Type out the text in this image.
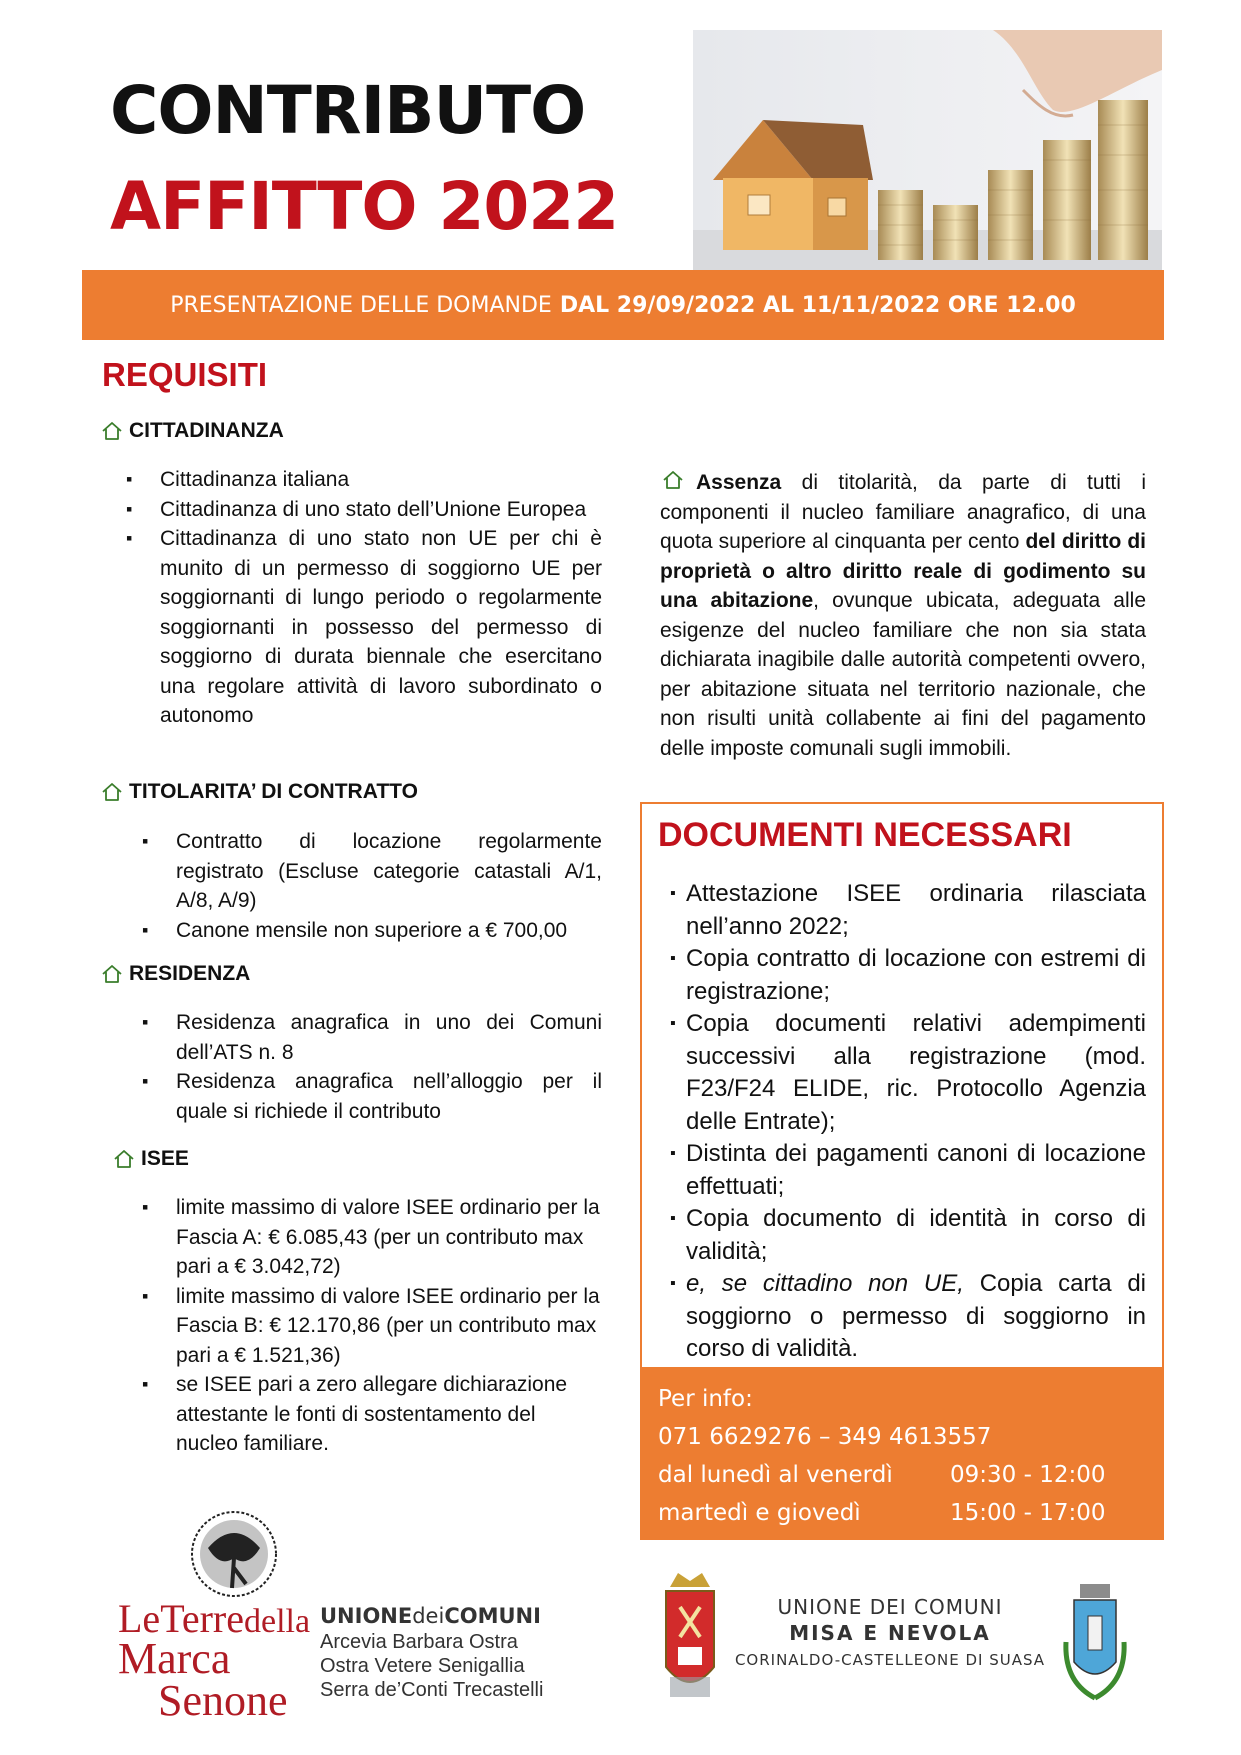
CONTRIBUTO
AFFITTO 2022
PRESENTAZIONE DELLE DOMANDE DAL 29/09/2022 AL 11/11/2022 ORE 12.00
REQUISITI
CITTADINANZA
▪ Cittadinanza italiana
▪ Cittadinanza di uno stato dell’Unione Europea
▪ Cittadinanza di uno stato non UE per chi è munito di un permesso di soggiorno UE per soggiornanti di lungo periodo o regolarmente soggiornanti in possesso del permesso di soggiorno di durata biennale che esercitano una regolare attività di lavoro subordinato o autonomo
TITOLARITA’ DI CONTRATTO
▪ Contratto di locazione regolarmente registrato (Escluse categorie catastali A/1, A/8, A/9)
▪ Canone mensile non superiore a € 700,00
RESIDENZA
▪ Residenza anagrafica in uno dei Comuni dell’ATS n. 8
▪ Residenza anagrafica nell’alloggio per il quale si richiede il contributo
ISEE
▪ limite massimo di valore ISEE ordinario per la Fascia A: € 6.085,43 (per un contributo max pari a € 3.042,72)
▪ limite massimo di valore ISEE ordinario per la Fascia B: € 12.170,86 (per un contributo max pari a € 1.521,36)
▪ se ISEE pari a zero allegare dichiarazione attestante le fonti di sostentamento del nucleo familiare.
Assenza di titolarità, da parte di tutti i componenti il nucleo familiare anagrafico, di una quota superiore al cinquanta per cento del diritto di proprietà o altro diritto reale di godimento su una abitazione, ovunque ubicata, adeguata alle esigenze del nucleo familiare che non sia stata dichiarata inagibile dalle autorità competenti ovvero, per abitazione situata nel territorio nazionale, che non risulti unità collabente ai fini del pagamento delle imposte comunali sugli immobili.
DOCUMENTI NECESSARI
▪ Attestazione ISEE ordinaria rilasciata nell’anno 2022;
▪ Copia contratto di locazione con estremi di registrazione;
▪ Copia documenti relativi adempimenti successivi alla registrazione (mod. F23/F24 ELIDE, ric. Protocollo Agenzia delle Entrate);
▪ Distinta dei pagamenti canoni di locazione effettuati;
▪ Copia documento di identità in corso di validità;
▪ e, se cittadino non UE, Copia carta di soggiorno o permesso di soggiorno in corso di validità.
Per info:
071 6629276 – 349 4613557
dal lunedì al venerdì	09:30 - 12:00
martedì e giovedì	15:00 - 17:00
LeTerredella
Marca
Senone
UNIONEdeiCOMUNI
Arcevia Barbara Ostra
Ostra Vetere Senigallia
Serra de’Conti Trecastelli
UNIONE DEI COMUNI
MISA E NEVOLA
CORINALDO-CASTELLEONE DI SUASA
